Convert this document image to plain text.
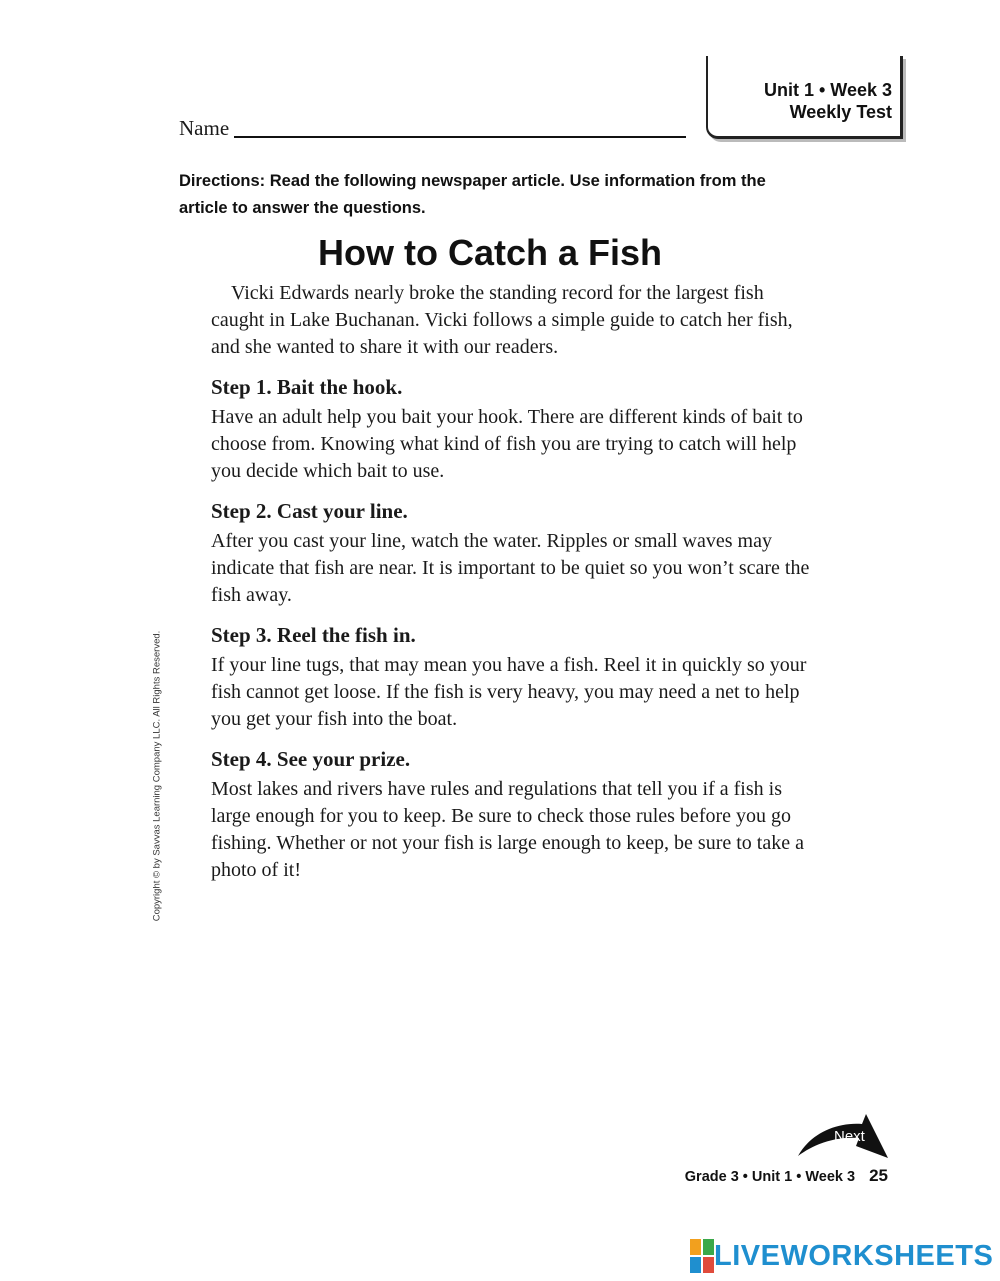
Unit 1 • Week 3
Weekly Test
Name
Directions: Read the following newspaper article. Use information from the article to answer the questions.
How to Catch a Fish

Vicki Edwards nearly broke the standing record for the largest fish caught in Lake Buchanan. Vicki follows a simple guide to catch her fish, and she wanted to share it with our readers.

Step 1. Bait the hook.

Have an adult help you bait your hook. There are different kinds of bait to choose from. Knowing what kind of fish you are trying to catch will help you decide which bait to use.

Step 2. Cast your line.

After you cast your line, watch the water. Ripples or small waves may indicate that fish are near. It is important to be quiet so you won’t scare the fish away.

Step 3. Reel the fish in.

If your line tugs, that may mean you have a fish. Reel it in quickly so your fish cannot get loose. If the fish is very heavy, you may need a net to help you get your fish into the boat.

Step 4. See your prize.

Most lakes and rivers have rules and regulations that tell you if a fish is large enough for you to keep. Be sure to check those rules before you go fishing. Whether or not your fish is large enough to keep, be sure to take a photo of it!

Copyright © by Savvas Learning Company LLC. All Rights Reserved.
Next
Grade 3 • Unit 1 • Week 3 25
LIVEWORKSHEETS
